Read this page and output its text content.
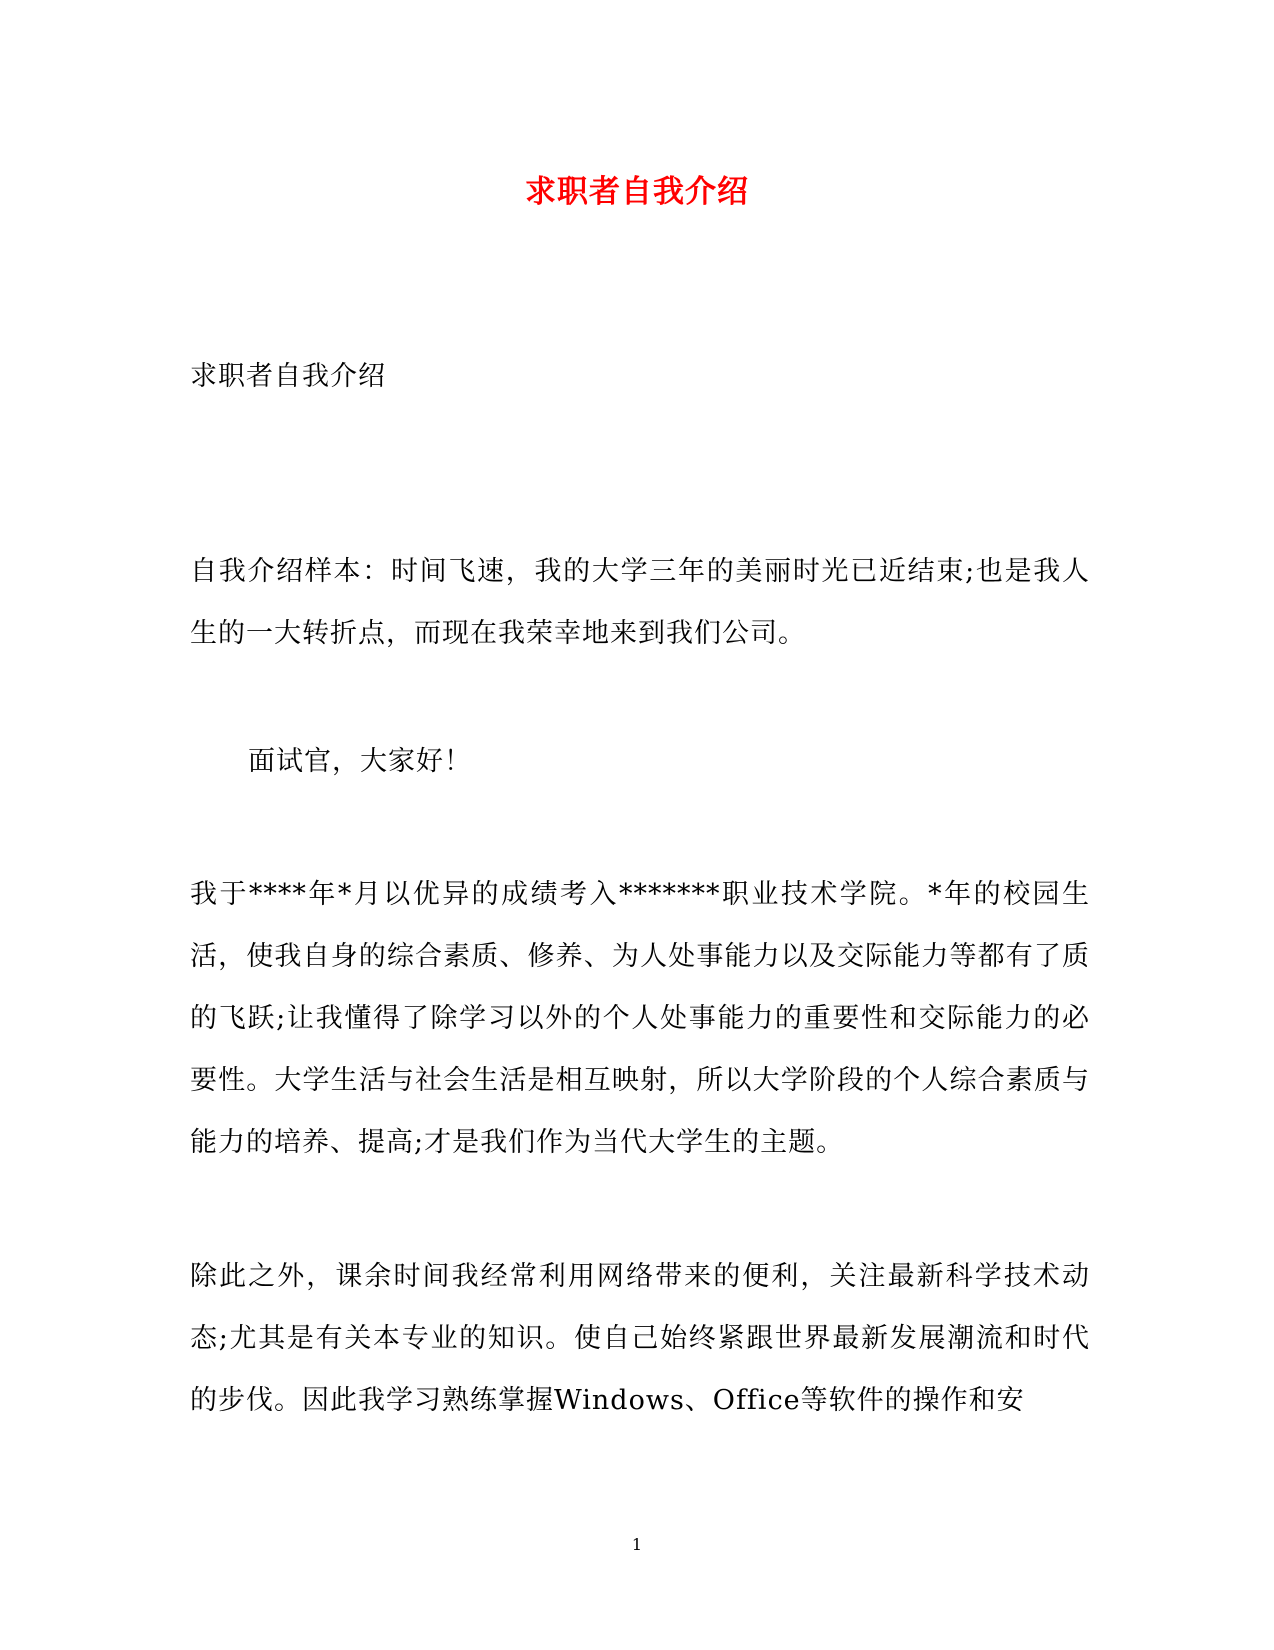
求职者自我介绍

求职者自我介绍

自我介绍样本：时间飞速，我的大学三年的美丽时光已近结束;也是我人生的一大转折点，而现在我荣幸地来到我们公司。

面试官，大家好！

我于****年*月以优异的成绩考入*******职业技术学院。*年的校园生活，使我自身的综合素质、修养、为人处事能力以及交际能力等都有了质的飞跃;让我懂得了除学习以外的个人处事能力的重要性和交际能力的必要性。大学生活与社会生活是相互映射，所以大学阶段的个人综合素质与能力的培养、提高;才是我们作为当代大学生的主题。

除此之外，课余时间我经常利用网络带来的便利，关注最新科学技术动态;尤其是有关本专业的知识。使自己始终紧跟世界最新发展潮流和时代的步伐。因此我学习熟练掌握Windows、Office等软件的操作和安

1
